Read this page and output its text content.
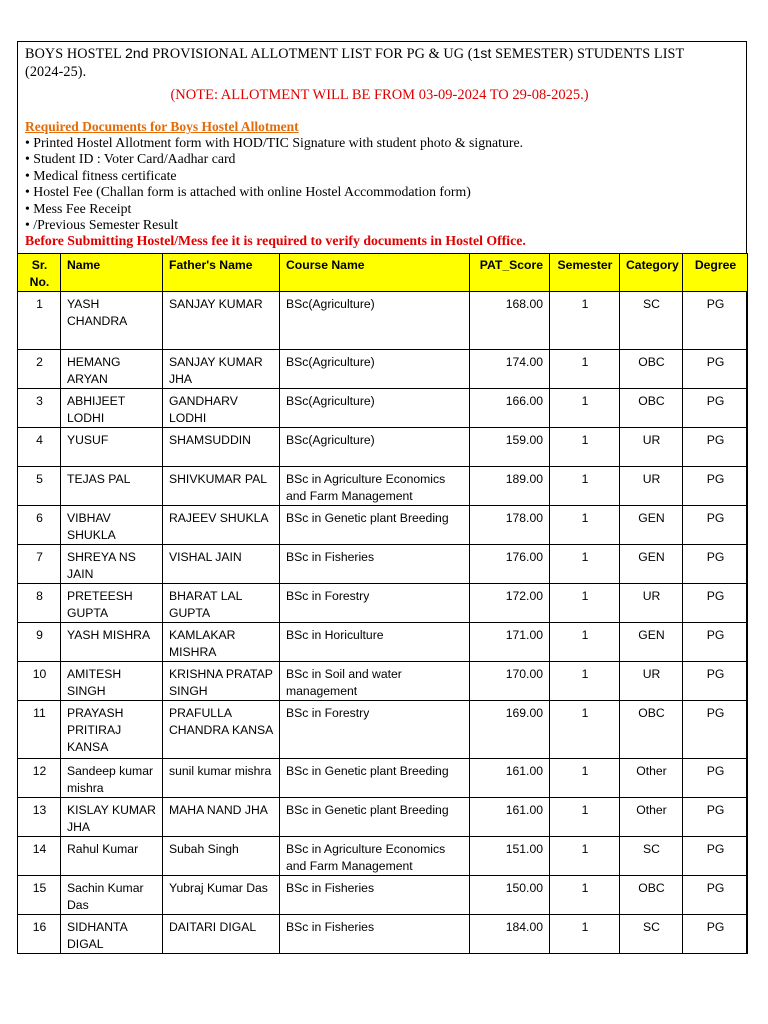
BOYS HOSTEL 2nd PROVISIONAL ALLOTMENT LIST FOR PG & UG (1st SEMESTER) STUDENTS LIST
(2024-25).
(NOTE: ALLOTMENT WILL BE FROM 03-09-2024 TO 29-08-2025.)
Required Documents for Boys Hostel Allotment
• Printed Hostel Allotment form with HOD/TIC Signature with student photo & signature.
• Student ID : Voter Card/Aadhar card
• Medical fitness certificate
• Hostel Fee (Challan form is attached with online Hostel Accommodation form)
• Mess Fee Receipt
• /Previous Semester Result
Before Submitting Hostel/Mess fee it is required to verify documents in Hostel Office.
Sr. No.	Name	Father's Name	Course Name	PAT_Score	Semester	Category	Degree
1	YASH CHANDRA	SANJAY KUMAR	BSc(Agriculture)	168.00	1	SC	PG
2	HEMANG ARYAN	SANJAY KUMAR JHA	BSc(Agriculture)	174.00	1	OBC	PG
3	ABHIJEET LODHI	GANDHARV LODHI	BSc(Agriculture)	166.00	1	OBC	PG
4	YUSUF	SHAMSUDDIN	BSc(Agriculture)	159.00	1	UR	PG
5	TEJAS PAL	SHIVKUMAR PAL	BSc in Agriculture Economics and Farm Management	189.00	1	UR	PG
6	VIBHAV SHUKLA	RAJEEV SHUKLA	BSc in Genetic plant Breeding	178.00	1	GEN	PG
7	SHREYA NS JAIN	VISHAL JAIN	BSc in Fisheries	176.00	1	GEN	PG
8	PRETEESH GUPTA	BHARAT LAL GUPTA	BSc in Forestry	172.00	1	UR	PG
9	YASH MISHRA	KAMLAKAR MISHRA	BSc in Horiculture	171.00	1	GEN	PG
10	AMITESH SINGH	KRISHNA PRATAP SINGH	BSc in Soil and water management	170.00	1	UR	PG
11	PRAYASH PRITIRAJ KANSA	PRAFULLA CHANDRA KANSA	BSc in Forestry	169.00	1	OBC	PG
12	Sandeep kumar mishra	sunil kumar mishra	BSc in Genetic plant Breeding	161.00	1	Other	PG
13	KISLAY KUMAR JHA	MAHA NAND JHA	BSc in Genetic plant Breeding	161.00	1	Other	PG
14	Rahul Kumar	Subah Singh	BSc in Agriculture Economics and Farm Management	151.00	1	SC	PG
15	Sachin Kumar Das	Yubraj Kumar Das	BSc in Fisheries	150.00	1	OBC	PG
16	SIDHANTA DIGAL	DAITARI DIGAL	BSc in Fisheries	184.00	1	SC	PG
